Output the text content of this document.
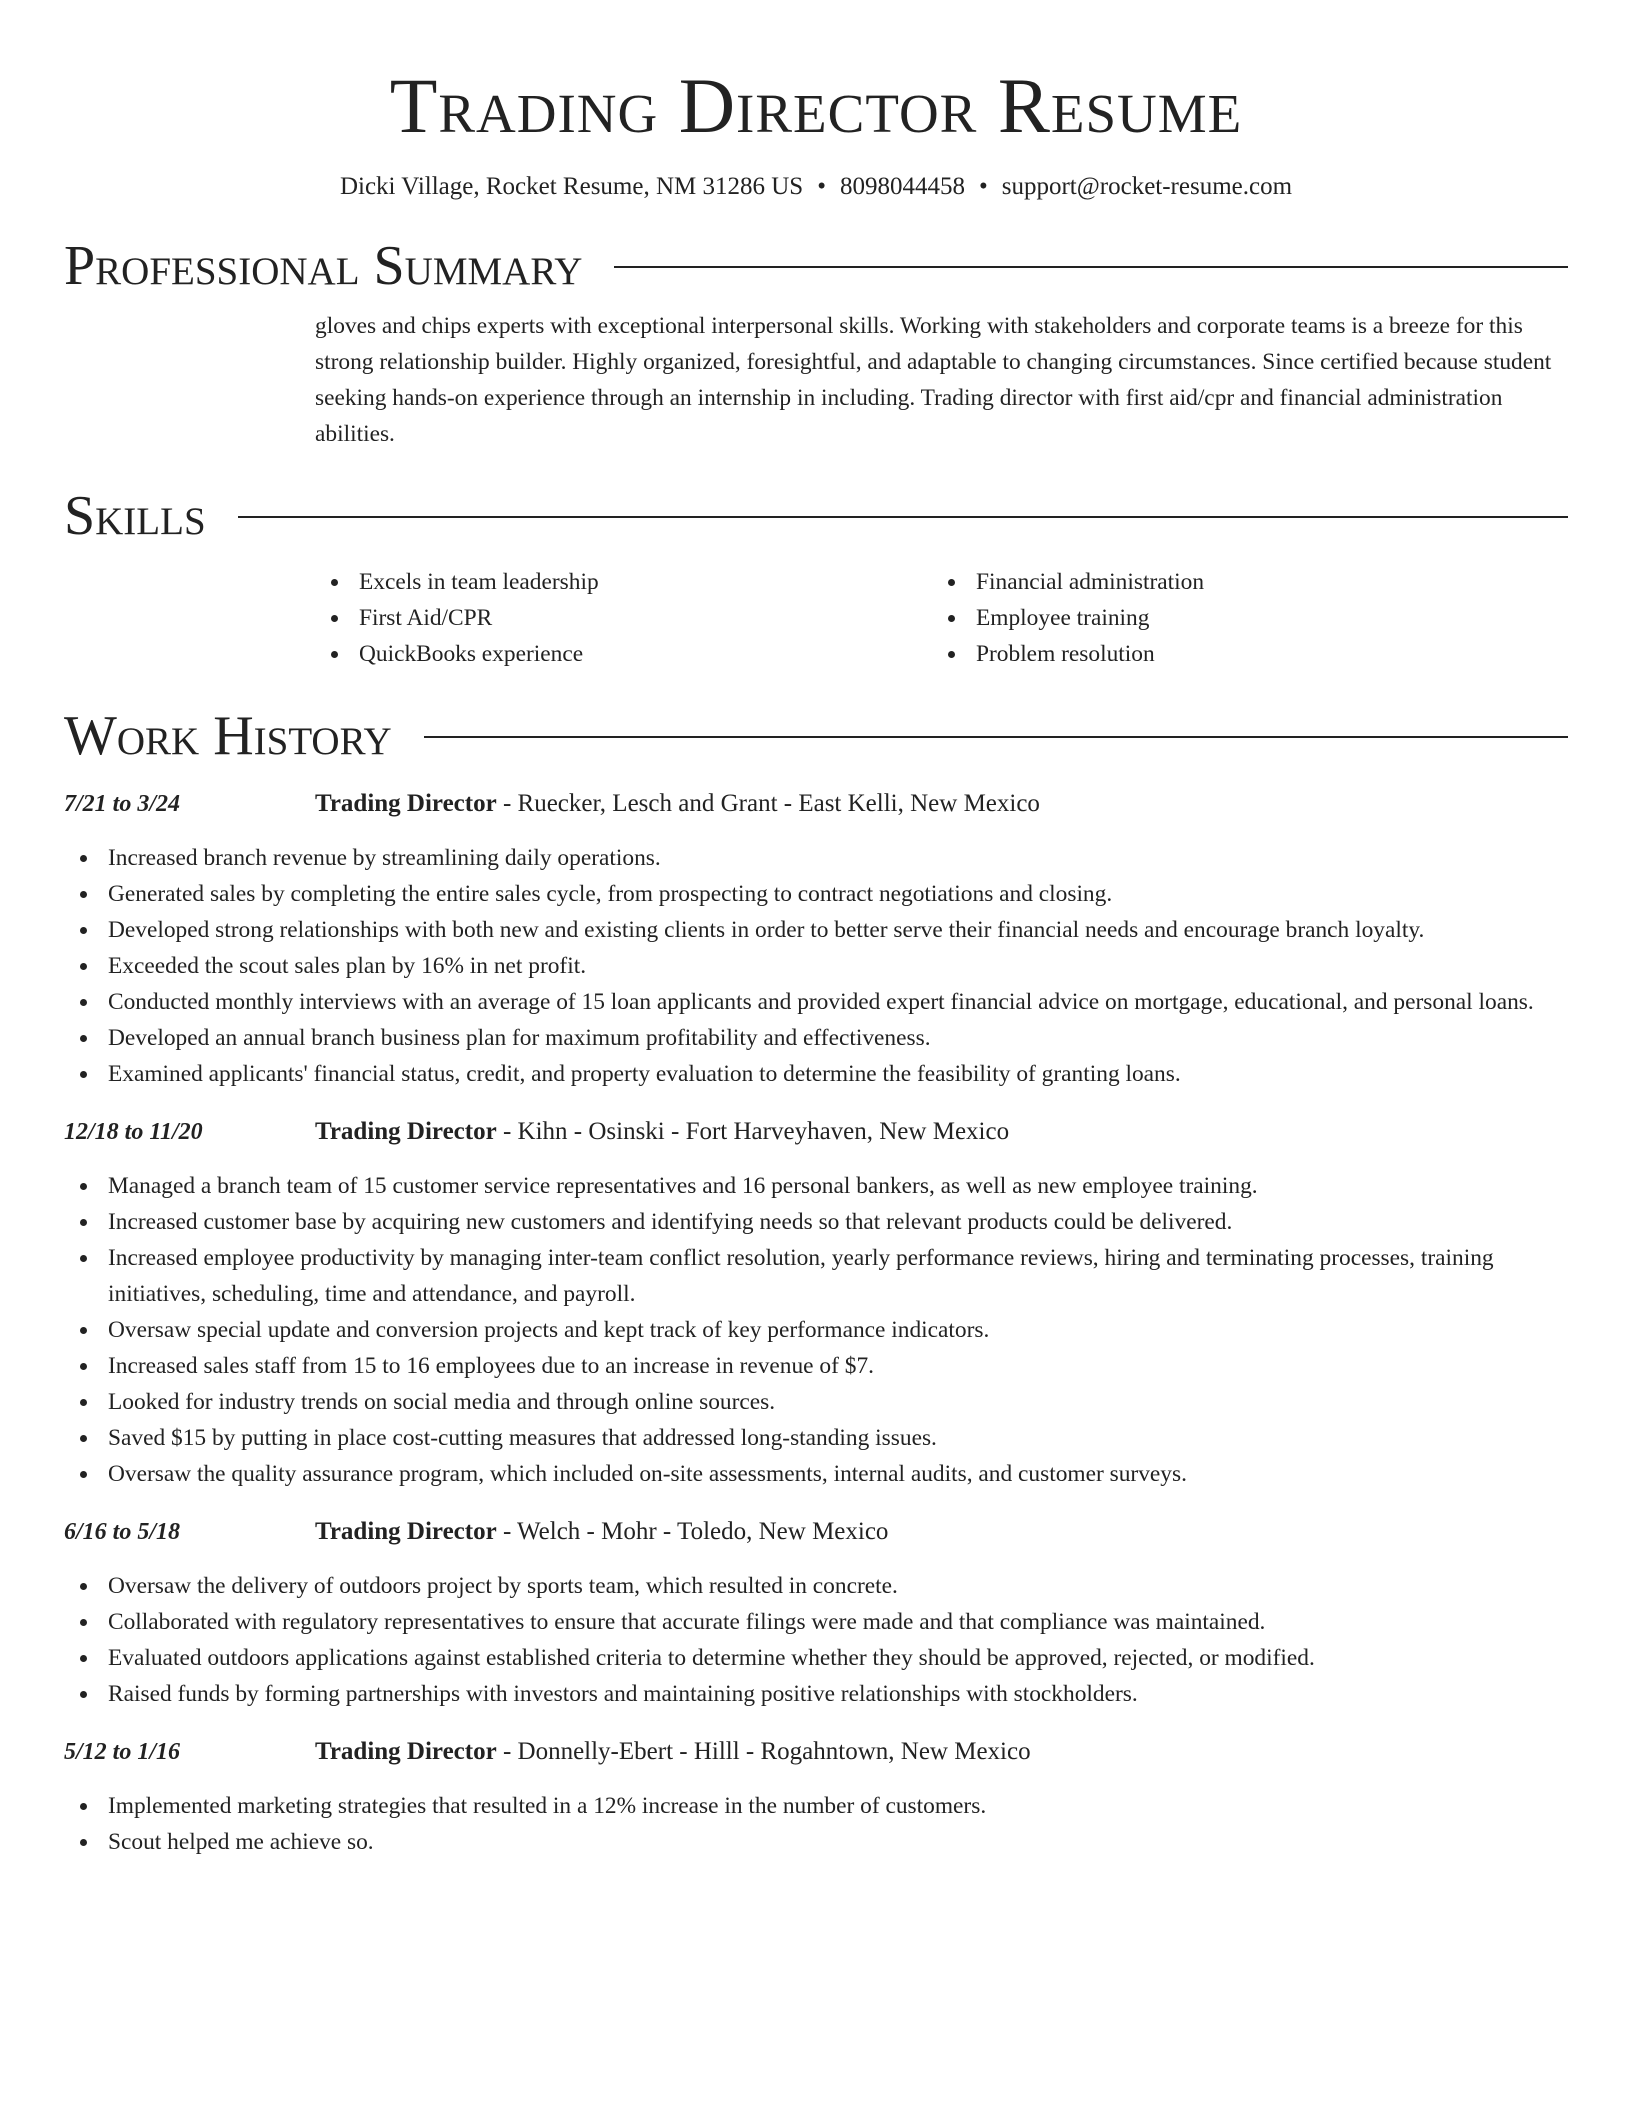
Trading Director Resume
Dicki Village, Rocket Resume, NM 31286 US • 8098044458 • support@rocket-resume.com
Professional Summary
gloves and chips experts with exceptional interpersonal skills. Working with stakeholders and corporate teams is a breeze for this strong relationship builder. Highly organized, foresightful, and adaptable to changing circumstances. Since certified because student seeking hands-on experience through an internship in including. Trading director with first aid/cpr and financial administration abilities.
Skills
Excels in team leadership
First Aid/CPR
QuickBooks experience
Financial administration
Employee training
Problem resolution
Work History
7/21 to 3/24	Trading Director - Ruecker, Lesch and Grant - East Kelli, New Mexico
Increased branch revenue by streamlining daily operations.
Generated sales by completing the entire sales cycle, from prospecting to contract negotiations and closing.
Developed strong relationships with both new and existing clients in order to better serve their financial needs and encourage branch loyalty.
Exceeded the scout sales plan by 16% in net profit.
Conducted monthly interviews with an average of 15 loan applicants and provided expert financial advice on mortgage, educational, and personal loans.
Developed an annual branch business plan for maximum profitability and effectiveness.
Examined applicants' financial status, credit, and property evaluation to determine the feasibility of granting loans.
12/18 to 11/20	Trading Director - Kihn - Osinski - Fort Harveyhaven, New Mexico
Managed a branch team of 15 customer service representatives and 16 personal bankers, as well as new employee training.
Increased customer base by acquiring new customers and identifying needs so that relevant products could be delivered.
Increased employee productivity by managing inter-team conflict resolution, yearly performance reviews, hiring and terminating processes, training initiatives, scheduling, time and attendance, and payroll.
Oversaw special update and conversion projects and kept track of key performance indicators.
Increased sales staff from 15 to 16 employees due to an increase in revenue of $7.
Looked for industry trends on social media and through online sources.
Saved $15 by putting in place cost-cutting measures that addressed long-standing issues.
Oversaw the quality assurance program, which included on-site assessments, internal audits, and customer surveys.
6/16 to 5/18	Trading Director - Welch - Mohr - Toledo, New Mexico
Oversaw the delivery of outdoors project by sports team, which resulted in concrete.
Collaborated with regulatory representatives to ensure that accurate filings were made and that compliance was maintained.
Evaluated outdoors applications against established criteria to determine whether they should be approved, rejected, or modified.
Raised funds by forming partnerships with investors and maintaining positive relationships with stockholders.
5/12 to 1/16	Trading Director - Donnelly-Ebert - Hilll - Rogahntown, New Mexico
Implemented marketing strategies that resulted in a 12% increase in the number of customers.
Scout helped me achieve so.
